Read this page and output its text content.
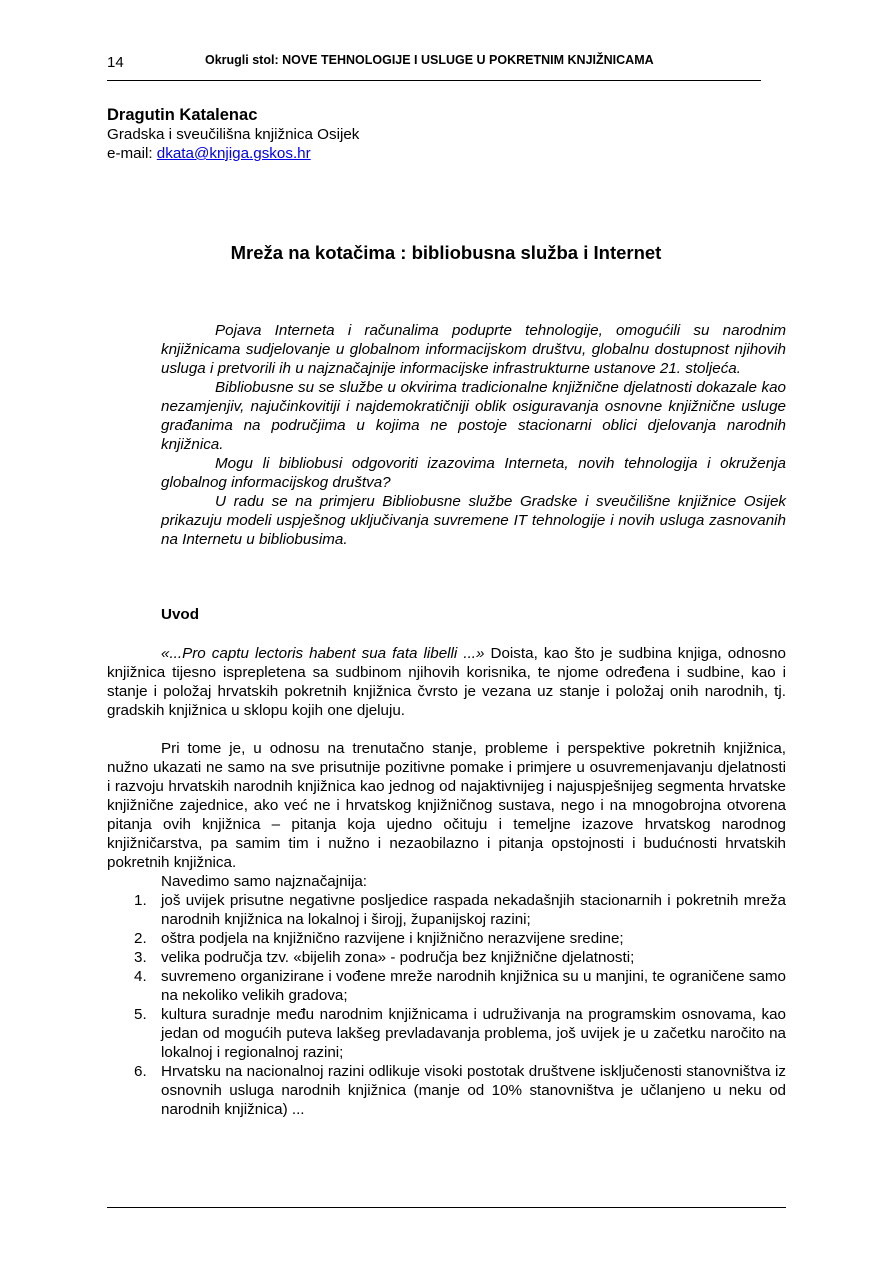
14	Okrugli stol: NOVE TEHNOLOGIJE I USLUGE U POKRETNIM KNJIŽNICAMA
Dragutin Katalenac
Gradska i sveučilišna knjižnica Osijek
e-mail: dkata@knjiga.gskos.hr
Mreža na kotačima : bibliobusna služba i Internet

Pojava Interneta i računalima poduprte tehnologije, omogućili su narodnim knjižnicama sudjelovanje u globalnom informacijskom društvu, globalnu dostupnost njihovih usluga i pretvorili ih u najznačajnije informacijske infrastrukturne ustanove 21. stoljeća.

Bibliobusne su se službe u okvirima tradicionalne knjižnične djelatnosti dokazale kao nezamjenjiv, najučinkovitiji i najdemokratičniji oblik osiguravanja osnovne knjižnične usluge građanima na područjima u kojima ne postoje stacionarni oblici djelovanja narodnih knjižnica.

Mogu li bibliobusi odgovoriti izazovima Interneta, novih tehnologija i okruženja globalnog informacijskog društva?

U radu se na primjeru Bibliobusne službe Gradske i sveučilišne knjižnice Osijek prikazuju modeli uspješnog uključivanja suvremene IT tehnologije i novih usluga zasnovanih na Internetu u bibliobusima.

Uvod

«...Pro captu lectoris habent sua fata libelli ...» Doista, kao što je sudbina knjiga, odnosno knjižnica tijesno isprepletena sa sudbinom njihovih korisnika, te njome određena i sudbine, kao i stanje i položaj hrvatskih pokretnih knjižnica čvrsto je vezana uz stanje i položaj onih narodnih, tj. gradskih knjižnica u sklopu kojih one djeluju.

Pri tome je, u odnosu na trenutačno stanje, probleme i perspektive pokretnih knjižnica, nužno ukazati ne samo na sve prisutnije pozitivne pomake i primjere u osuvremenjavanju djelatnosti i razvoju hrvatskih narodnih knjižnica kao jednog od najaktivnijeg i najuspješnijeg segmenta hrvatske knjižnične zajednice, ako već ne i hrvatskog knjižničnog sustava, nego i na mnogobrojna otvorena pitanja ovih knjižnica – pitanja koja ujedno očituju i temeljne izazove hrvatskog narodnog knjižničarstva, pa samim tim i nužno i nezaobilazno i pitanja opstojnosti i budućnosti hrvatskih pokretnih knjižnica.

Navedimo samo najznačajnija:

1. još uvijek prisutne negativne posljedice raspada nekadašnjih stacionarnih i pokretnih mreža narodnih knjižnica na lokalnoj i širojj, županijskoj razini;
2. oštra podjela na knjižnično razvijene i knjižnično nerazvijene sredine;
3. velika područja tzv. «bijelih zona» - područja bez knjižnične djelatnosti;
4. suvremeno organizirane i vođene mreže narodnih knjižnica su u manjini, te ograničene samo na nekoliko velikih gradova;
5. kultura suradnje među narodnim knjižnicama i udruživanja na programskim osnovama, kao jedan od mogućih puteva lakšeg prevladavanja problema, još uvijek je u začetku naročito na lokalnoj i regionalnoj razini;
6. Hrvatsku na nacionalnoj razini odlikuje visoki postotak društvene isključenosti stanovništva iz osnovnih usluga narodnih knjižnica (manje od 10% stanovništva je učlanjeno u neku od narodnih knjižnica) ...
